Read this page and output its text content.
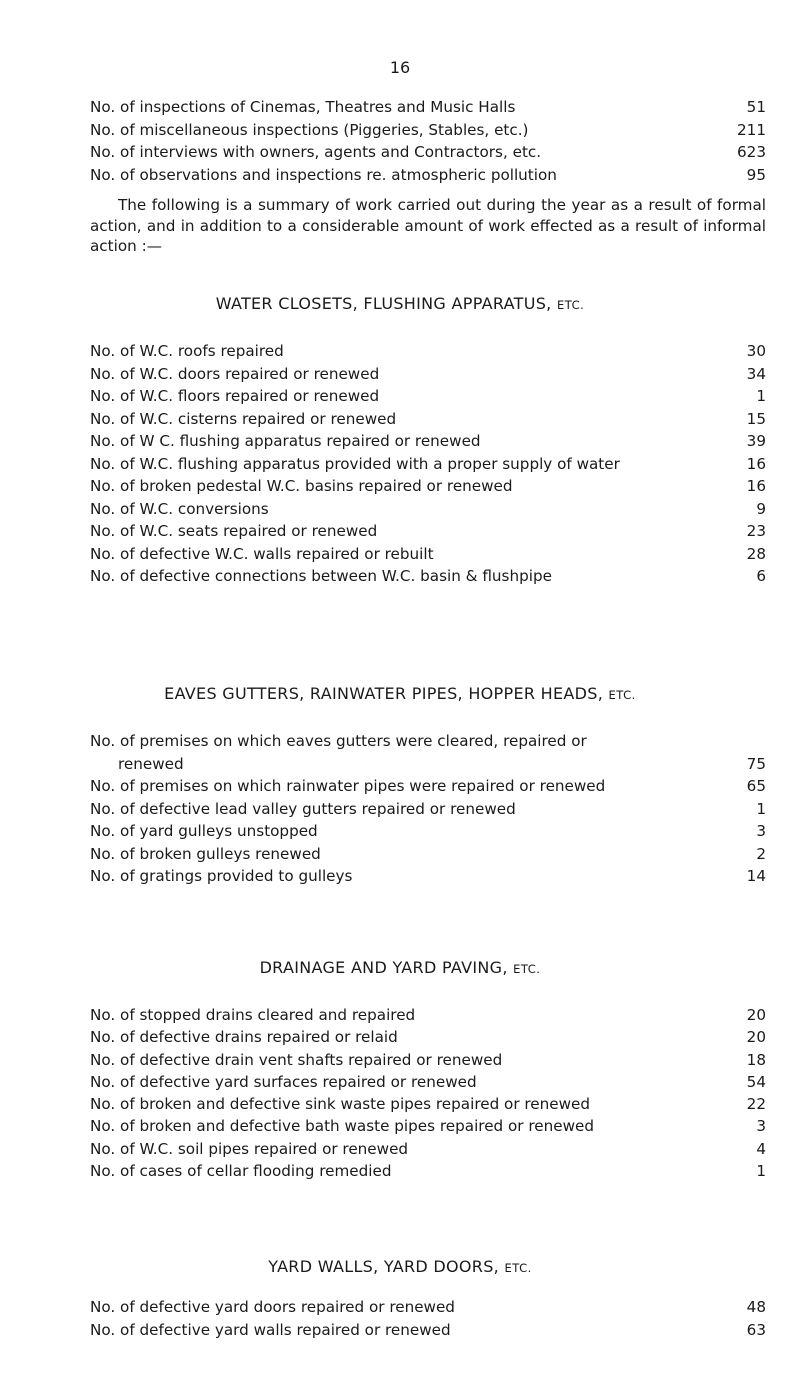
16
No. of inspections of Cinemas, Theatres and Music Halls	51
No. of miscellaneous inspections (Piggeries, Stables, etc.)	211
No. of interviews with owners, agents and Contractors, etc.	623
No. of observations and inspections re. atmospheric pollution	95
The following is a summary of work carried out during the year as a result of formal action, and in addition to a considerable amount of work effected as a result of informal action :—
WATER CLOSETS, FLUSHING APPARATUS, ETC.
No. of W.C. roofs repaired	30
No. of W.C. doors repaired or renewed	34
No. of W.C. floors repaired or renewed	1
No. of W.C. cisterns repaired or renewed	15
No. of W C. flushing apparatus repaired or renewed	39
No. of W.C. flushing apparatus provided with a proper supply of water	16
No. of broken pedestal W.C. basins repaired or renewed	16
No. of W.C. conversions	9
No. of W.C. seats repaired or renewed	23
No. of defective W.C. walls repaired or rebuilt	28
No. of defective connections between W.C. basin & flushpipe	6
EAVES GUTTERS, RAINWATER PIPES, HOPPER HEADS, ETC.
No. of premises on which eaves gutters were cleared, repaired or
renewed	75
No. of premises on which rainwater pipes were repaired or renewed	65
No. of defective lead valley gutters repaired or renewed	1
No. of yard gulleys unstopped	3
No. of broken gulleys renewed	2
No. of gratings provided to gulleys	14
DRAINAGE AND YARD PAVING, ETC.
No. of stopped drains cleared and repaired	20
No. of defective drains repaired or relaid	20
No. of defective drain vent shafts repaired or renewed	18
No. of defective yard surfaces repaired or renewed	54
No. of broken and defective sink waste pipes repaired or renewed	22
No. of broken and defective bath waste pipes repaired or renewed	3
No. of W.C. soil pipes repaired or renewed	4
No. of cases of cellar flooding remedied	1
YARD WALLS, YARD DOORS, ETC.
No. of defective yard doors repaired or renewed	48
No. of defective yard walls repaired or renewed	63
